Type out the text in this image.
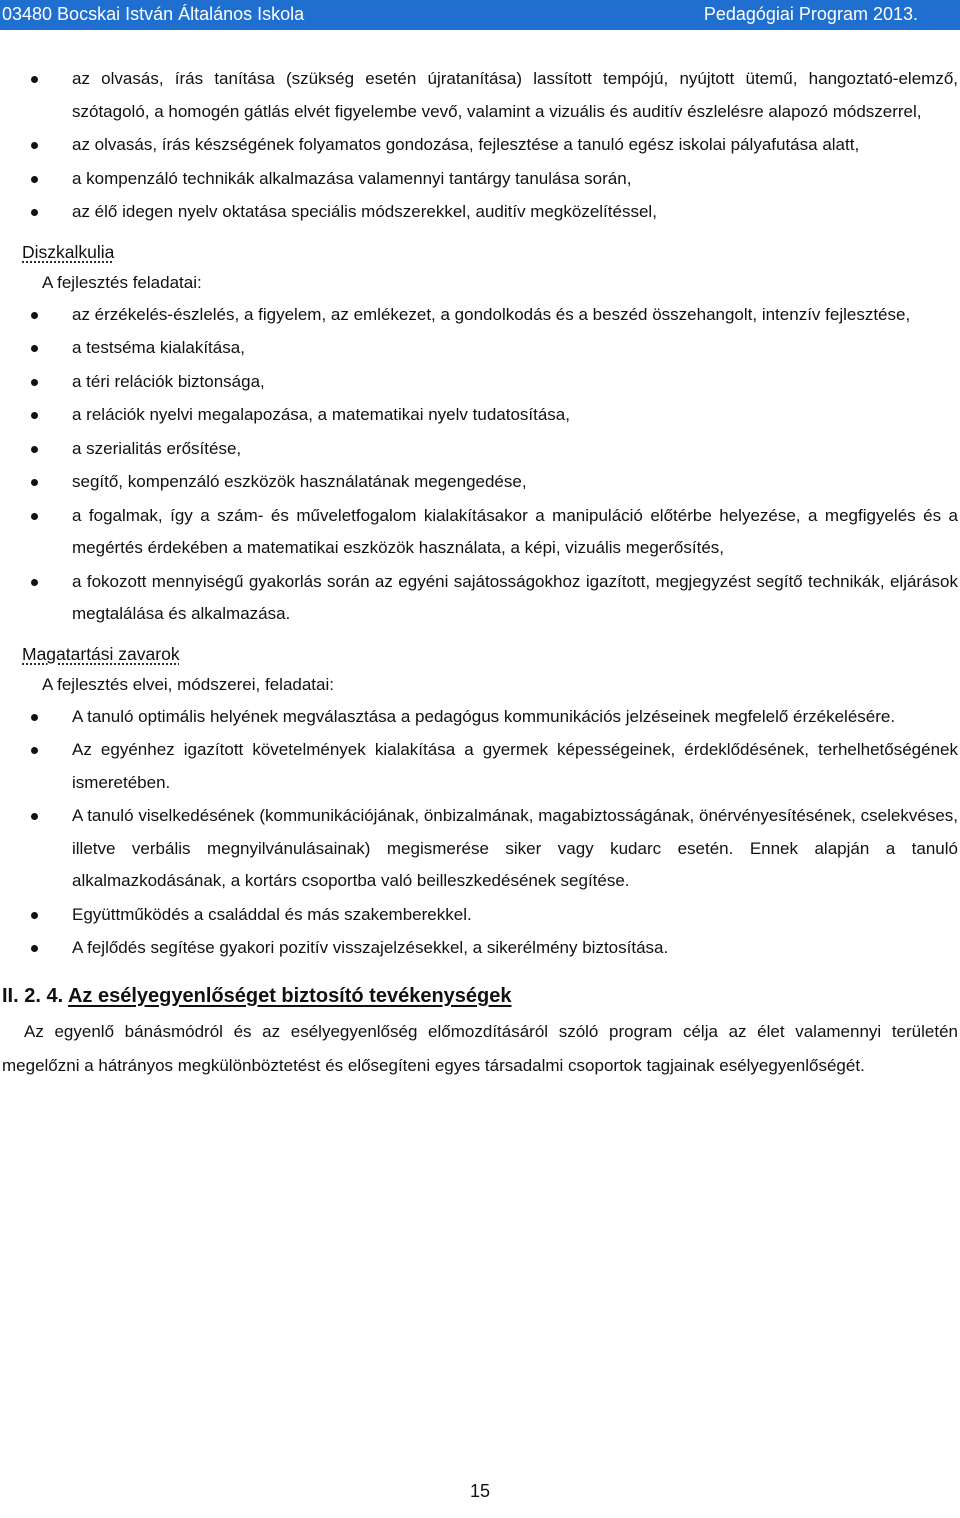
03480 Bocskai István Általános Iskola	Pedagógiai Program 2013.
az olvasás, írás tanítása (szükség esetén újratanítása) lassított tempójú, nyújtott ütemű, hangoztató-elemző, szótagoló, a homogén gátlás elvét figyelembe vevő, valamint a vizuális és auditív észlelésre alapozó módszerrel,
az olvasás, írás készségének folyamatos gondozása, fejlesztése a tanuló egész iskolai pályafutása alatt,
a kompenzáló technikák alkalmazása valamennyi tantárgy tanulása során,
az élő idegen nyelv oktatása speciális módszerekkel, auditív megközelítéssel,
Diszkalkulia
A fejlesztés feladatai:
az érzékelés-észlelés, a figyelem, az emlékezet, a gondolkodás és a beszéd összehangolt, intenzív fejlesztése,
a testséma kialakítása,
a téri relációk biztonsága,
a relációk nyelvi megalapozása, a matematikai nyelv tudatosítása,
a szerialitás erősítése,
segítő, kompenzáló eszközök használatának megengedése,
a fogalmak, így a szám- és műveletfogalom kialakításakor a manipuláció előtérbe helyezése, a megfigyelés és a megértés érdekében a matematikai eszközök használata, a képi, vizuális megerősítés,
a fokozott mennyiségű gyakorlás során az egyéni sajátosságokhoz igazított, megjegyzést segítő technikák, eljárások megtalálása és alkalmazása.
Magatartási zavarok
A fejlesztés elvei, módszerei, feladatai:
A tanuló optimális helyének megválasztása a pedagógus kommunikációs jelzéseinek megfelelő érzékelésére.
Az egyénhez igazított követelmények kialakítása a gyermek képességeinek, érdeklődésének, terhelhetőségének ismeretében.
A tanuló viselkedésének (kommunikációjának, önbizalmának, magabiztosságának, önérvényesítésének, cselekvéses, illetve verbális megnyilvánulásainak) megismerése siker vagy kudarc esetén. Ennek alapján a tanuló alkalmazkodásának, a kortárs csoportba való beilleszkedésének segítése.
Együttműködés a családdal és más szakemberekkel.
A fejlődés segítése gyakori pozitív visszajelzésekkel, a sikerélmény biztosítása.
II. 2. 4. Az esélyegyenlőséget biztosító tevékenységek
Az egyenlő bánásmódról és az esélyegyenlőség előmozdításáról szóló program célja az élet valamennyi területén megelőzni a hátrányos megkülönböztetést és elősegíteni egyes társadalmi csoportok tagjainak esélyegyenlőségét.
15
